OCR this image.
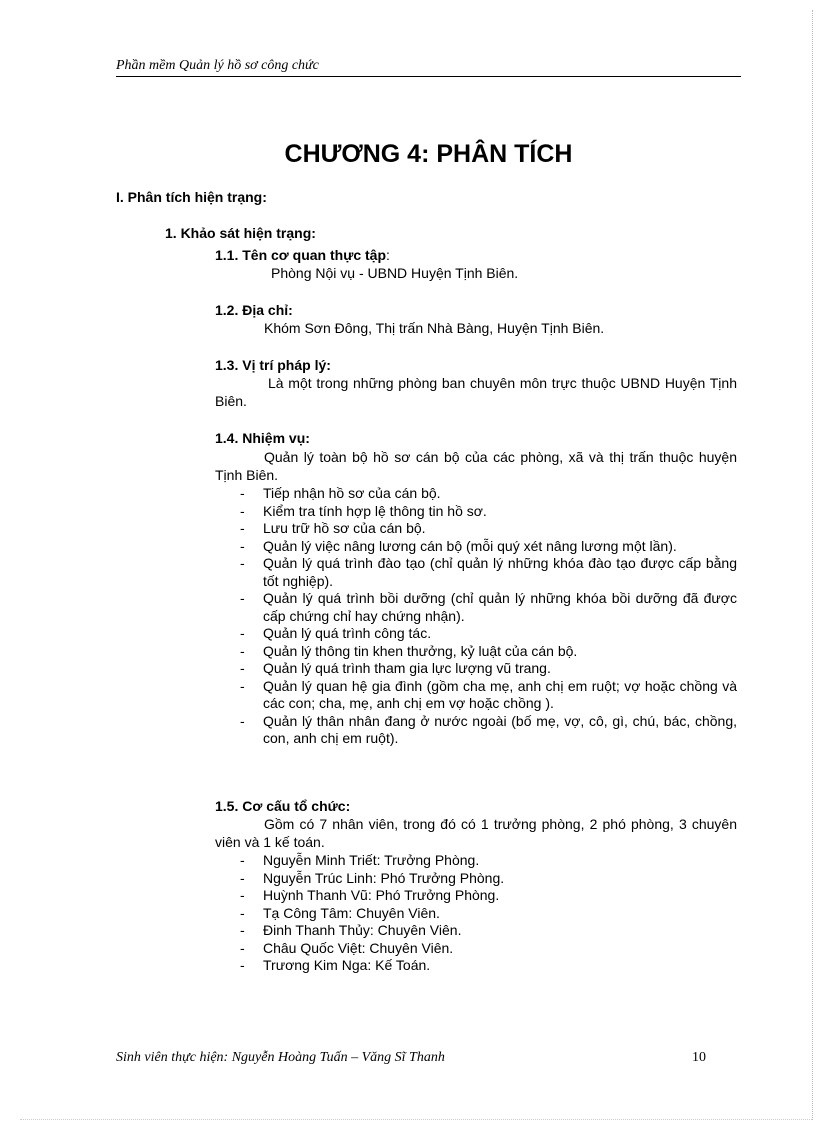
Phần mềm Quản lý hồ sơ công chức
CHƯƠNG 4: PHÂN TÍCH
I. Phân tích hiện trạng:
1. Khảo sát hiện trạng:
1.1. Tên cơ quan thực tập:
Phòng Nội vụ - UBND Huyện Tịnh Biên.
1.2. Địa chỉ:
Khóm Sơn Đông, Thị trấn Nhà Bàng, Huyện Tịnh Biên.
1.3. Vị trí pháp lý:
Là một trong những phòng ban chuyên môn trực thuộc UBND Huyện Tịnh Biên.
1.4. Nhiệm vụ:
Quản lý toàn bộ hồ sơ cán bộ của các phòng, xã và thị trấn thuộc huyện Tịnh Biên.
- Tiếp nhận hồ sơ của cán bộ.
- Kiểm tra tính hợp lệ thông tin hồ sơ.
- Lưu trữ hồ sơ của cán bộ.
- Quản lý việc nâng lương cán bộ (mỗi quý xét nâng lương một lần).
- Quản lý quá trình đào tạo (chỉ quản lý những khóa đào tạo được cấp bằng tốt nghiệp).
- Quản lý quá trình bồi dưỡng (chỉ quản lý những khóa bồi dưỡng đã được cấp chứng chỉ hay chứng nhận).
- Quản lý quá trình công tác.
- Quản lý thông tin khen thưởng, kỷ luật của cán bộ.
- Quản lý quá trình tham gia lực lượng vũ trang.
- Quản lý quan hệ gia đình (gồm cha mẹ, anh chị em ruột; vợ hoặc chồng và các con; cha, mẹ, anh chị em vợ hoặc chồng ).
- Quản lý thân nhân đang ở nước ngoài (bố mẹ, vợ, cô, gì, chú, bác, chồng, con, anh chị em ruột).
1.5. Cơ cấu tổ chức:
Gồm có 7 nhân viên, trong đó có 1 trưởng phòng, 2 phó phòng, 3 chuyên viên và 1 kế toán.
- Nguyễn Minh Triết: Trưởng Phòng.
- Nguyễn Trúc Linh: Phó Trưởng Phòng.
- Huỳnh Thanh Vũ: Phó Trưởng Phòng.
- Tạ Công Tâm: Chuyên Viên.
- Đinh Thanh Thủy: Chuyên Viên.
- Châu Quốc Việt: Chuyên Viên.
- Trương Kim Nga: Kế Toán.
Sinh viên thực hiện: Nguyễn Hoàng Tuấn – Văng Sĩ Thanh	10
